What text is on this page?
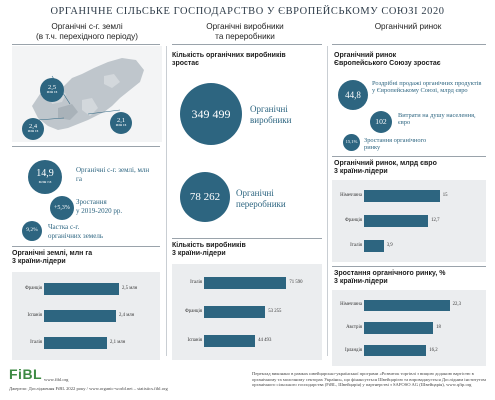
ОРГАНІЧНЕ СІЛЬСЬКЕ ГОСПОДАРСТВО У ЄВРОПЕЙСЬКОМУ СОЮЗІ 2020
Органічні с-г. землі
(в т.ч. перехідного періоду)
Органічні виробники
та переробники
Органічний ринок
2,5
млн га
2,1
млн га
2,4
млн га
14,9
млн га
Органічні с-г. землі, млн га
+5,3%
Зростання
у 2019-2020 рр.
9,2%	Частка с-г.
органічних земель
Органічні землі, млн га
3 країни-лідери
Кількість органічних виробників
зростає
349 499	Органічні
виробники
78 262	Органічні
переробники
Кількість виробників
3 країни-лідери
Органічний ринок
Європейського Союзу зростає
44,8
Роздрібні продажі органічних продуктів у Європейському Союзі, млрд євро
102
Витрати на душу населення, євро
15,1%	Зростання органічного ринку
Органічний ринок, млрд євро
3 країни-лідери
Зростання органічного ринку, %
3 країни-лідери
Франція	2,5 млн
Іспанія	2,4 млн
Італія	2,1 млн
Італія	71 590
Франція	53 255
Іспанія	44 493
Німеччина	15
Франція	12,7
Італія	3,9
Німеччина	22,3
Австрія	18
Ірландія	16,2
FiBL www.fibl.org
Джерело: Дослідження FiBL 2022 року / www.organic-world.net – statistics.fibl.org
Переклад виконано в рамках швейцарсько-української програми «Розвиток торгівлі з вищою доданою вартістю в органічному та молочному секторах України», що фінансується Швейцарією та впроваджується Дослідним інститутом органічного сільського господарства (FiBL, Швейцарія) у партнерстві з SAFOSO AG (Швейцарія), www.qftp.org
